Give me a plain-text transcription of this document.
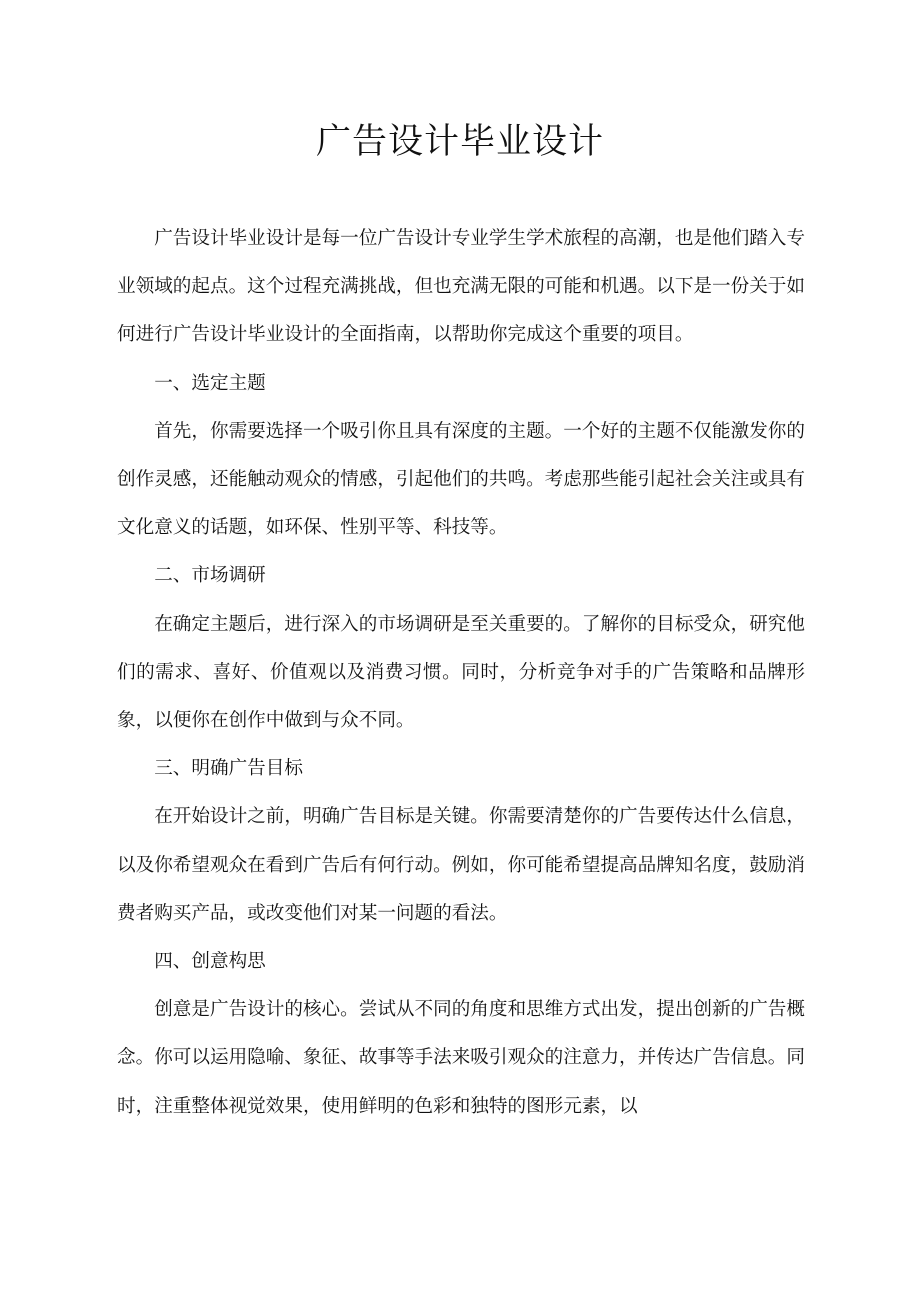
广告设计毕业设计

广告设计毕业设计是每一位广告设计专业学生学术旅程的高潮，也是他们踏入专业领域的起点。这个过程充满挑战，但也充满无限的可能和机遇。以下是一份关于如何进行广告设计毕业设计的全面指南，以帮助你完成这个重要的项目。

一、选定主题

首先，你需要选择一个吸引你且具有深度的主题。一个好的主题不仅能激发你的创作灵感，还能触动观众的情感，引起他们的共鸣。考虑那些能引起社会关注或具有文化意义的话题，如环保、性别平等、科技等。

二、市场调研

在确定主题后，进行深入的市场调研是至关重要的。了解你的目标受众，研究他们的需求、喜好、价值观以及消费习惯。同时，分析竞争对手的广告策略和品牌形象，以便你在创作中做到与众不同。

三、明确广告目标

在开始设计之前，明确广告目标是关键。你需要清楚你的广告要传达什么信息，以及你希望观众在看到广告后有何行动。例如，你可能希望提高品牌知名度，鼓励消费者购买产品，或改变他们对某一问题的看法。

四、创意构思

创意是广告设计的核心。尝试从不同的角度和思维方式出发，提出创新的广告概念。你可以运用隐喻、象征、故事等手法来吸引观众的注意力，并传达广告信息。同时，注重整体视觉效果，使用鲜明的色彩和独特的图形元素，以
